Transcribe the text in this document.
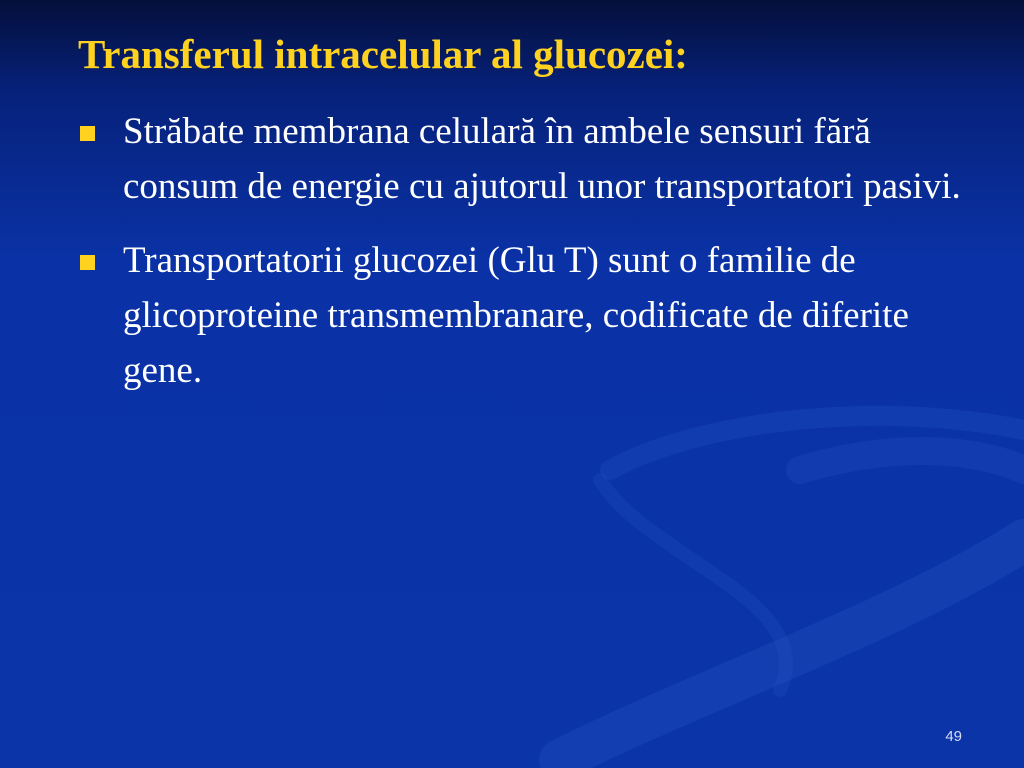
Transferul intracelular al glucozei:
Străbate membrana celulară în ambele sensuri fără consum de energie cu ajutorul unor transportatori pasivi.
Transportatorii glucozei (Glu T) sunt o familie de glicoproteine transmembranare, codificate de diferite gene.
49
